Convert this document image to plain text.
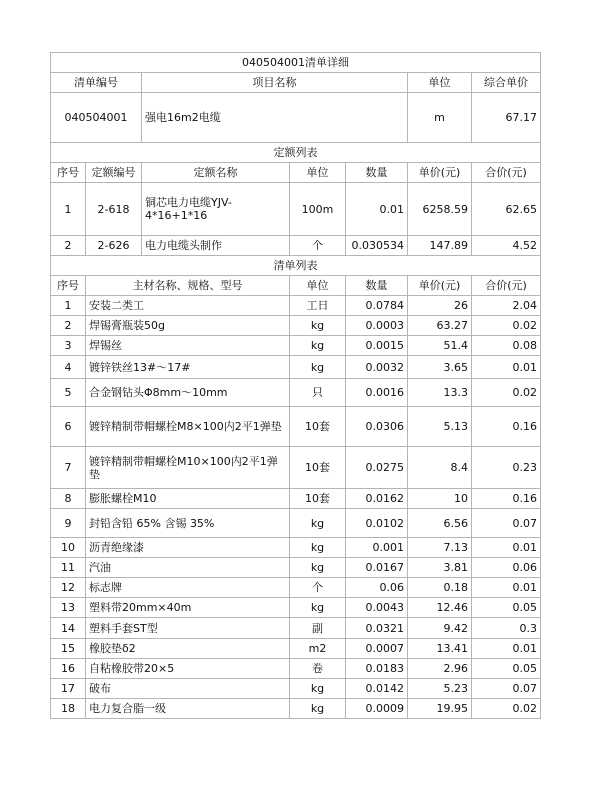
040504001清单详细						
清单编号		项目名称			单位	综合单价
040504001		强电16m2电缆			m	67.17
定额列表						
序号	定额编号	定额名称	单位	数量	单价(元)	合价(元)
1	2-618	铜芯电力电缆YJV-4*16+1*16	100m	0.01	6258.59	62.65
2	2-626	电力电缆头制作	个	0.030534	147.89	4.52
清单列表						
序号	主材名称、规格、型号		单位	数量	单价(元)	合价(元)
1	安装二类工		工日	0.0784	26	2.04
2	焊锡膏瓶装50g		kg	0.0003	63.27	0.02
3	焊锡丝		kg	0.0015	51.4	0.08
4	镀锌铁丝13#～17#		kg	0.0032	3.65	0.01
5	合金钢钻头Φ8mm～10mm		只	0.0016	13.3	0.02
6	镀锌精制带帽螺栓M8×100内2平1弹垫		10套	0.0306	5.13	0.16
7	镀锌精制带帽螺栓M10×100内2平1弹垫		10套	0.0275	8.4	0.23
8	膨胀螺栓M10		10套	0.0162	10	0.16
9	封铅含铅 65% 含锡 35%		kg	0.0102	6.56	0.07
10	沥青绝缘漆		kg	0.001	7.13	0.01
11	汽油		kg	0.0167	3.81	0.06
12	标志牌		个	0.06	0.18	0.01
13	塑料带20mm×40m		kg	0.0043	12.46	0.05
14	塑料手套ST型		副	0.0321	9.42	0.3
15	橡胶垫δ2		m2	0.0007	13.41	0.01
16	自粘橡胶带20×5		卷	0.0183	2.96	0.05
17	破布		kg	0.0142	5.23	0.07
18	电力复合脂一级		kg	0.0009	19.95	0.02
